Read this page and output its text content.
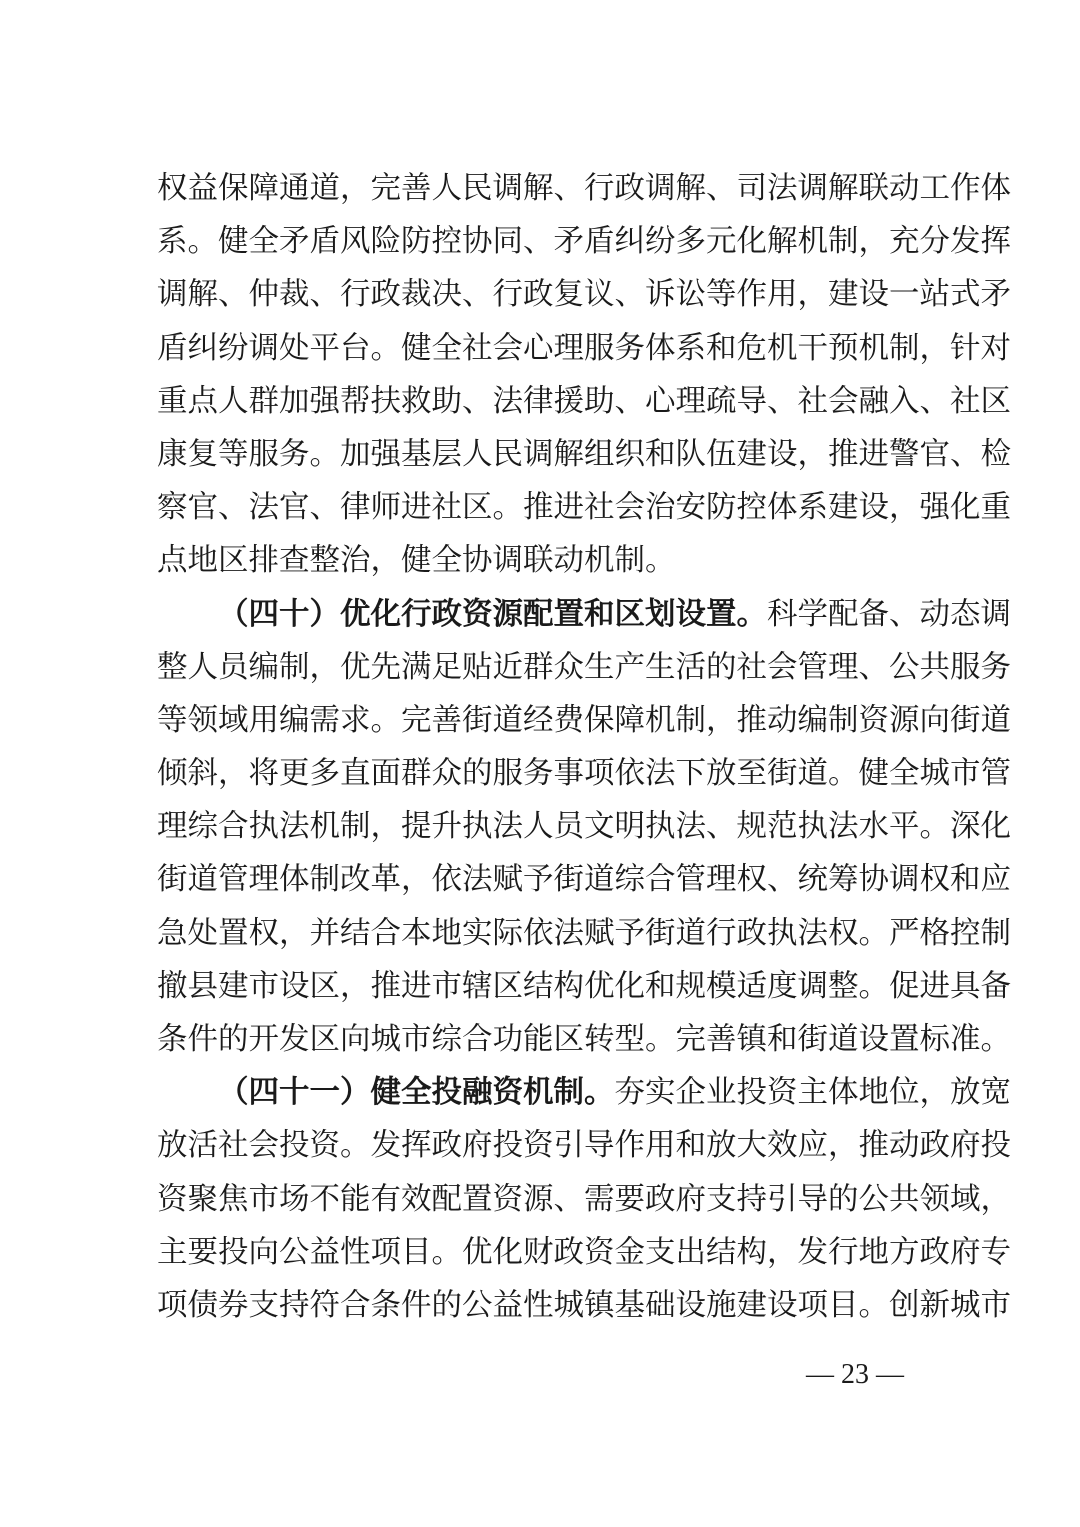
权益保障通道，完善人民调解、行政调解、司法调解联动工作体
系。健全矛盾风险防控协同、矛盾纠纷多元化解机制，充分发挥
调解、仲裁、行政裁决、行政复议、诉讼等作用，建设一站式矛
盾纠纷调处平台。健全社会心理服务体系和危机干预机制，针对
重点人群加强帮扶救助、法律援助、心理疏导、社会融入、社区
康复等服务。加强基层人民调解组织和队伍建设，推进警官、检
察官、法官、律师进社区。推进社会治安防控体系建设，强化重
点地区排查整治，健全协调联动机制。
（四十）优化行政资源配置和区划设置。科学配备、动态调
整人员编制，优先满足贴近群众生产生活的社会管理、公共服务
等领域用编需求。完善街道经费保障机制，推动编制资源向街道
倾斜，将更多直面群众的服务事项依法下放至街道。健全城市管
理综合执法机制，提升执法人员文明执法、规范执法水平。深化
街道管理体制改革，依法赋予街道综合管理权、统筹协调权和应
急处置权，并结合本地实际依法赋予街道行政执法权。严格控制
撤县建市设区，推进市辖区结构优化和规模适度调整。促进具备
条件的开发区向城市综合功能区转型。完善镇和街道设置标准。
（四十一）健全投融资机制。夯实企业投资主体地位，放宽
放活社会投资。发挥政府投资引导作用和放大效应，推动政府投
资聚焦市场不能有效配置资源、需要政府支持引导的公共领域，
主要投向公益性项目。优化财政资金支出结构，发行地方政府专
项债券支持符合条件的公益性城镇基础设施建设项目。创新城市
— 23 —
